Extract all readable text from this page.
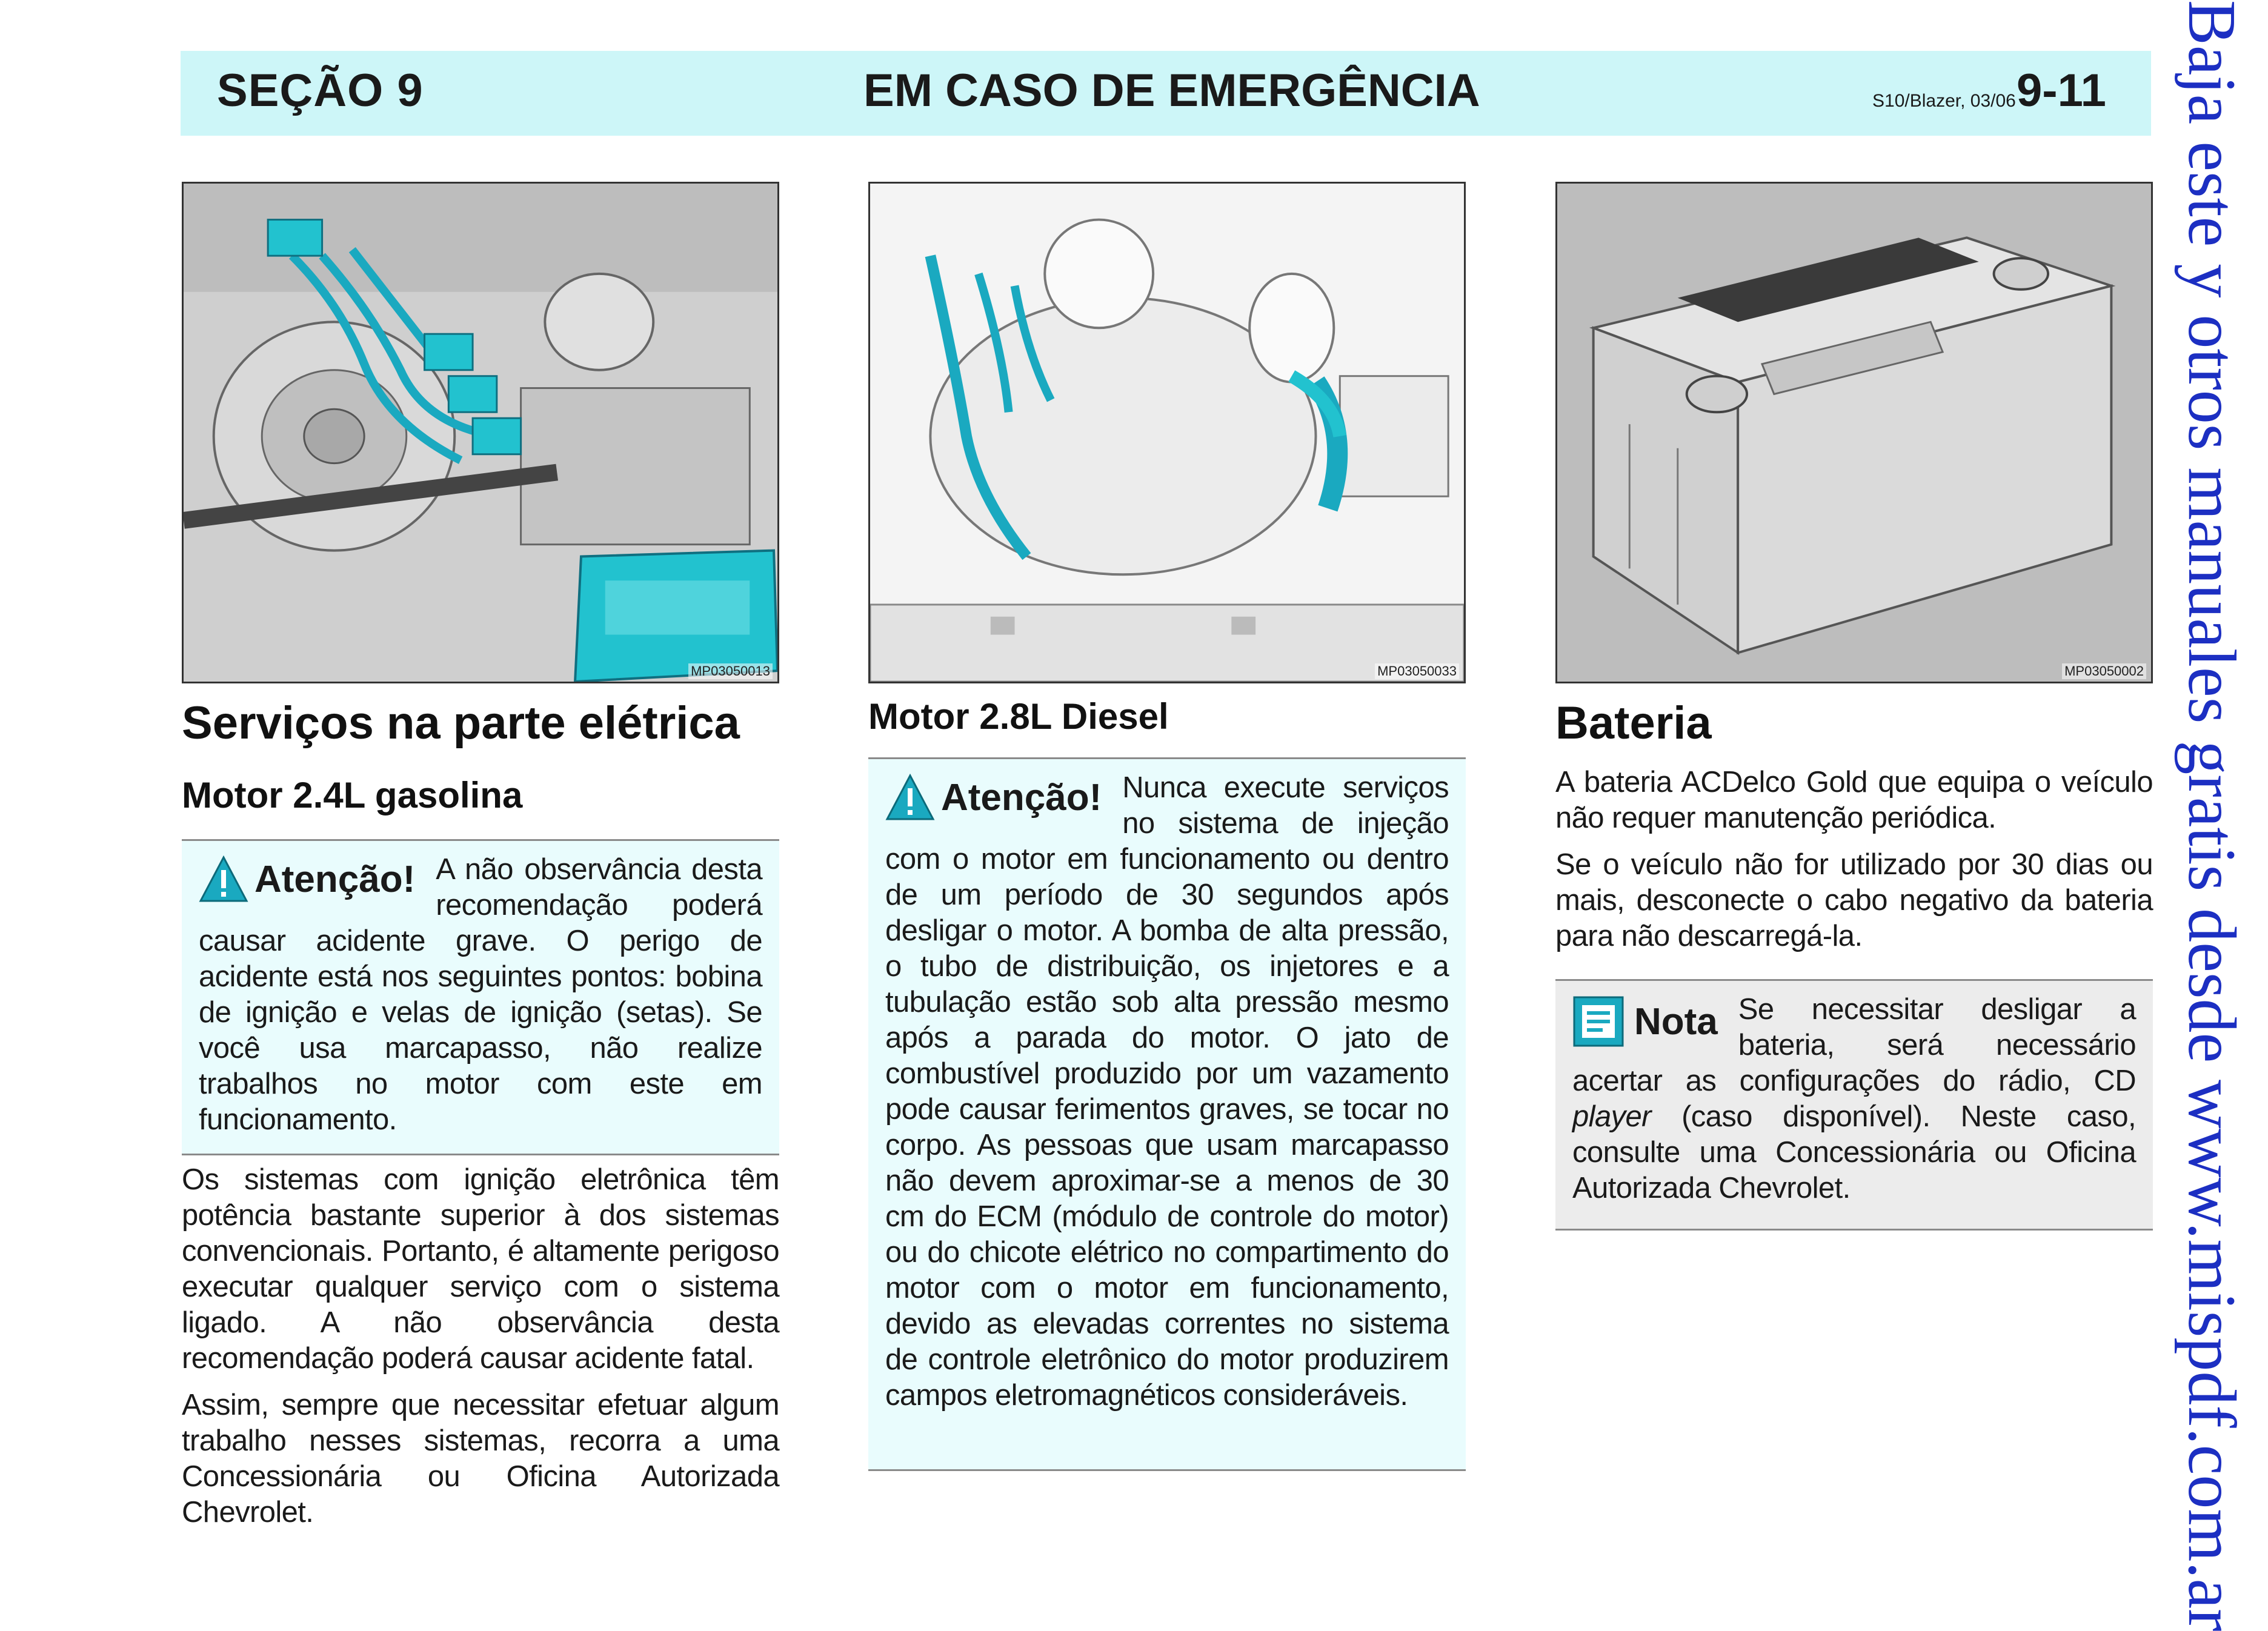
SEÇÃO 9	EM CASO DE EMERGÊNCIA	S10/Blazer, 03/06 9-11 Baja este y otros manuales gratis desde www.mispdf.com.ar
MP03050013	MP03050033	MP03050002
Serviços na parte elétrica
Motor 2.4L gasolina
Atenção! A não observância desta recomendação poderá causar acidente grave. O perigo de acidente está nos seguintes pontos: bobina de ignição e velas de ignição (setas). Se você usa marcapasso, não realize trabalhos no motor com este em funcionamento.

Os sistemas com ignição eletrônica têm potência bastante superior à dos sistemas convencionais. Portanto, é altamente perigoso executar qualquer serviço com o sistema ligado. A não observância desta recomendação poderá causar acidente fatal.

Assim, sempre que necessitar efetuar algum trabalho nesses sistemas, recorra a uma Concessionária ou Oficina Autorizada Chevrolet.

Motor 2.8L Diesel
Atenção! Nunca execute serviços no sistema de injeção com o motor em funcionamento ou dentro de um período de 30 segundos após desligar o motor. A bomba de alta pressão, o tubo de distribuição, os injetores e a tubulação estão sob alta pressão mesmo após a parada do motor. O jato de combustível produzido por um vazamento pode causar ferimentos graves, se tocar no corpo. As pessoas que usam marcapasso não devem aproximar-se a menos de 30 cm do ECM (módulo de controle do motor) ou do chicote elétrico no compartimento do motor com o motor em funcionamento, devido as elevadas correntes no sistema de controle eletrônico do motor produzirem campos eletromagnéticos consideráveis.
Bateria

A bateria ACDelco Gold que equipa o veículo não requer manutenção periódica.

Se o veículo não for utilizado por 30 dias ou mais, desconecte o cabo negativo da bateria para não descarregá-la.

Nota Se necessitar desligar a bateria, será necessário acertar as configurações do rádio, CD player (caso disponível). Neste caso, consulte uma Concessionária ou Oficina Autorizada Chevrolet.
